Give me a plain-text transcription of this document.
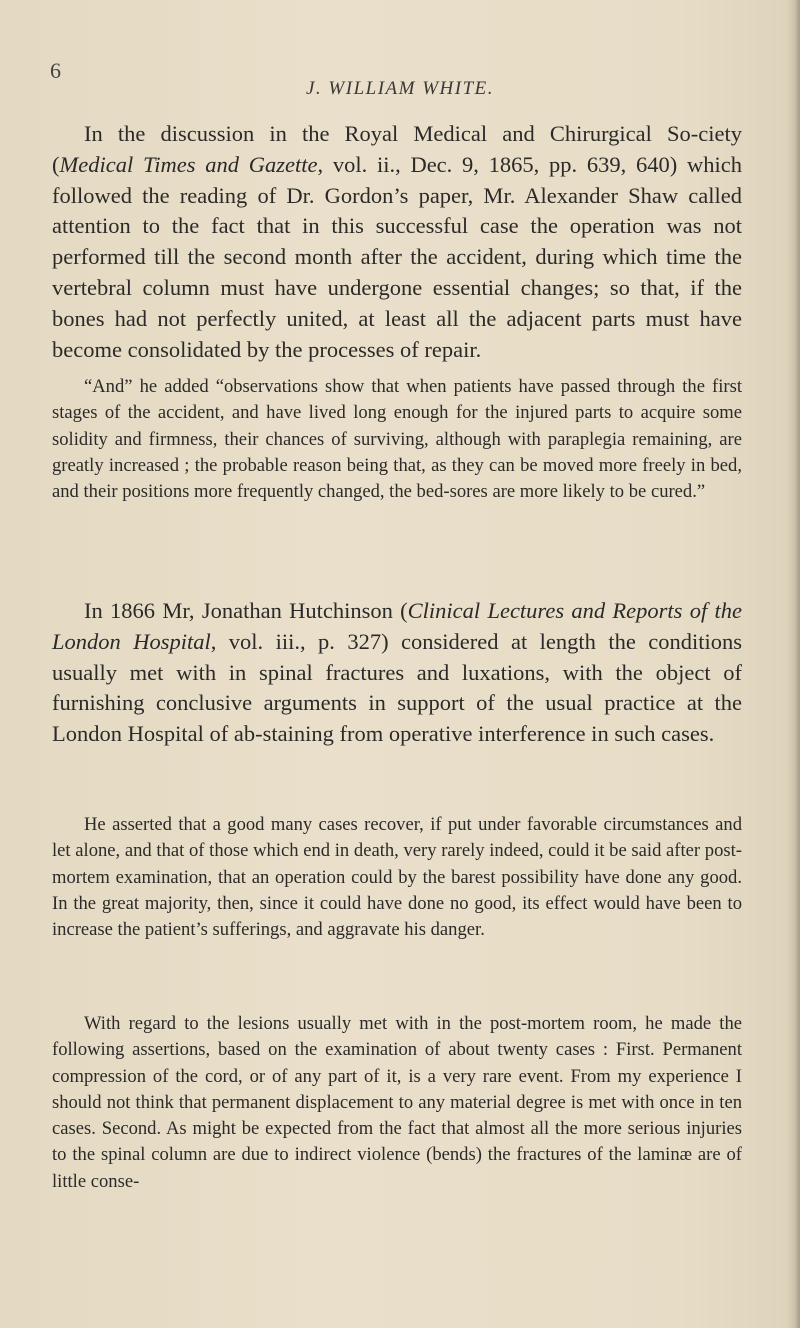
6
J. WILLIAM WHITE.

In the discussion in the Royal Medical and Chirurgical So-ciety (Medical Times and Gazette, vol. ii., Dec. 9, 1865, pp. 639, 640) which followed the reading of Dr. Gordon’s paper, Mr. Alexander Shaw called attention to the fact that in this successful case the operation was not performed till the second month after the accident, during which time the vertebral column must have undergone essential changes; so that, if the bones had not perfectly united, at least all the adjacent parts must have become consolidated by the processes of repair.

“And” he added “observations show that when patients have passed through the first stages of the accident, and have lived long enough for the injured parts to acquire some solidity and firmness, their chances of surviving, although with paraplegia remaining, are greatly increased ; the probable reason being that, as they can be moved more freely in bed, and their positions more frequently changed, the bed-sores are more likely to be cured.”

In 1866 Mr, Jonathan Hutchinson (Clinical Lectures and Reports of the London Hospital, vol. iii., p. 327) considered at length the conditions usually met with in spinal fractures and luxations, with the object of furnishing conclusive arguments in support of the usual practice at the London Hospital of ab-staining from operative interference in such cases.

He asserted that a good many cases recover, if put under favorable circumstances and let alone, and that of those which end in death, very rarely indeed, could it be said after post-mortem examination, that an operation could by the barest possibility have done any good. In the great majority, then, since it could have done no good, its effect would have been to increase the patient’s sufferings, and aggravate his danger.

With regard to the lesions usually met with in the post-mortem room, he made the following assertions, based on the examination of about twenty cases : First. Permanent compression of the cord, or of any part of it, is a very rare event. From my experience I should not think that permanent displacement to any material degree is met with once in ten cases. Second. As might be expected from the fact that almost all the more serious injuries to the spinal column are due to indirect violence (bends) the fractures of the laminæ are of little conse-
